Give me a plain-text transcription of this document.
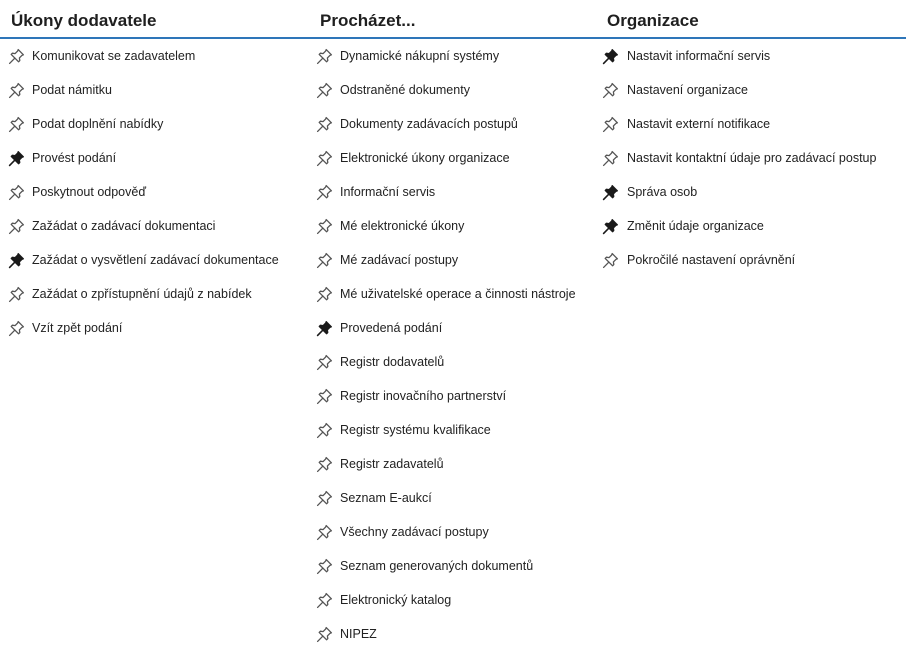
Úkony dodavatele
Komunikovat se zadavatelem
Podat námitku
Podat doplnění nabídky
Provést podání
Poskytnout odpověď
Zažádat o zadávací dokumentaci
Zažádat o vysvětlení zadávací dokumentace
Zažádat o zpřístupnění údajů z nabídek
Vzít zpět podání
Procházet...
Dynamické nákupní systémy
Odstraněné dokumenty
Dokumenty zadávacích postupů
Elektronické úkony organizace
Informační servis
Mé elektronické úkony
Mé zadávací postupy
Mé uživatelské operace a činnosti nástroje
Provedená podání
Registr dodavatelů
Registr inovačního partnerství
Registr systému kvalifikace
Registr zadavatelů
Seznam E-aukcí
Všechny zadávací postupy
Seznam generovaných dokumentů
Elektronický katalog
NIPEZ
Organizace
Nastavit informační servis
Nastavení organizace
Nastavit externí notifikace
Nastavit kontaktní údaje pro zadávací postup
Správa osob
Změnit údaje organizace
Pokročilé nastavení oprávnění
